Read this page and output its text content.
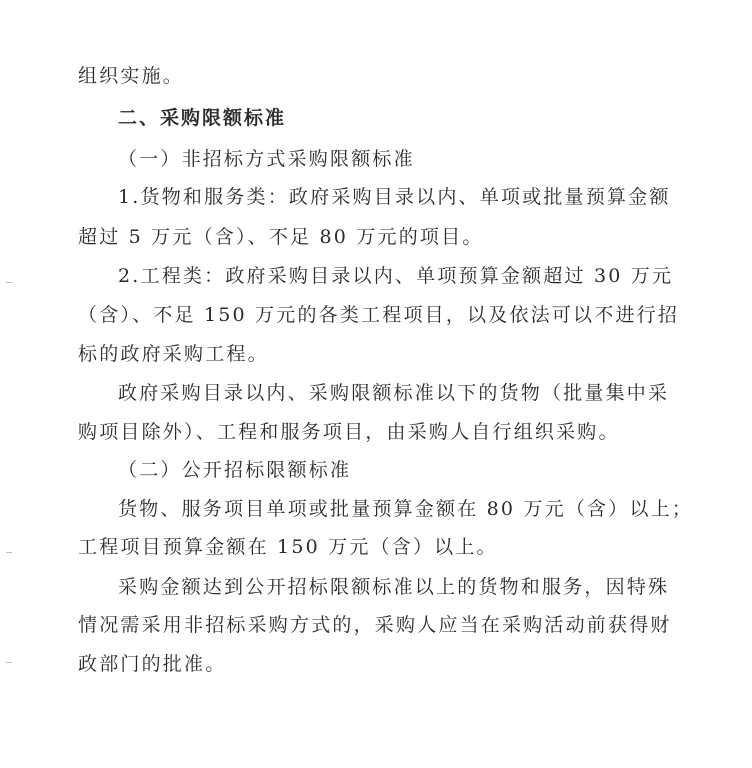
组织实施。
二、采购限额标准
（一）非招标方式采购限额标准
1.货物和服务类：政府采购目录以内、单项或批量预算金额
超过 5 万元（含）、不足 80 万元的项目。
2.工程类：政府采购目录以内、单项预算金额超过 30 万元
（含）、不足 150 万元的各类工程项目，以及依法可以不进行招
标的政府采购工程。
政府采购目录以内、采购限额标准以下的货物（批量集中采
购项目除外）、工程和服务项目，由采购人自行组织采购。
（二）公开招标限额标准
货物、服务项目单项或批量预算金额在 80 万元（含）以上；
工程项目预算金额在 150 万元（含）以上。
采购金额达到公开招标限额标准以上的货物和服务，因特殊
情况需采用非招标采购方式的，采购人应当在采购活动前获得财
政部门的批准。
